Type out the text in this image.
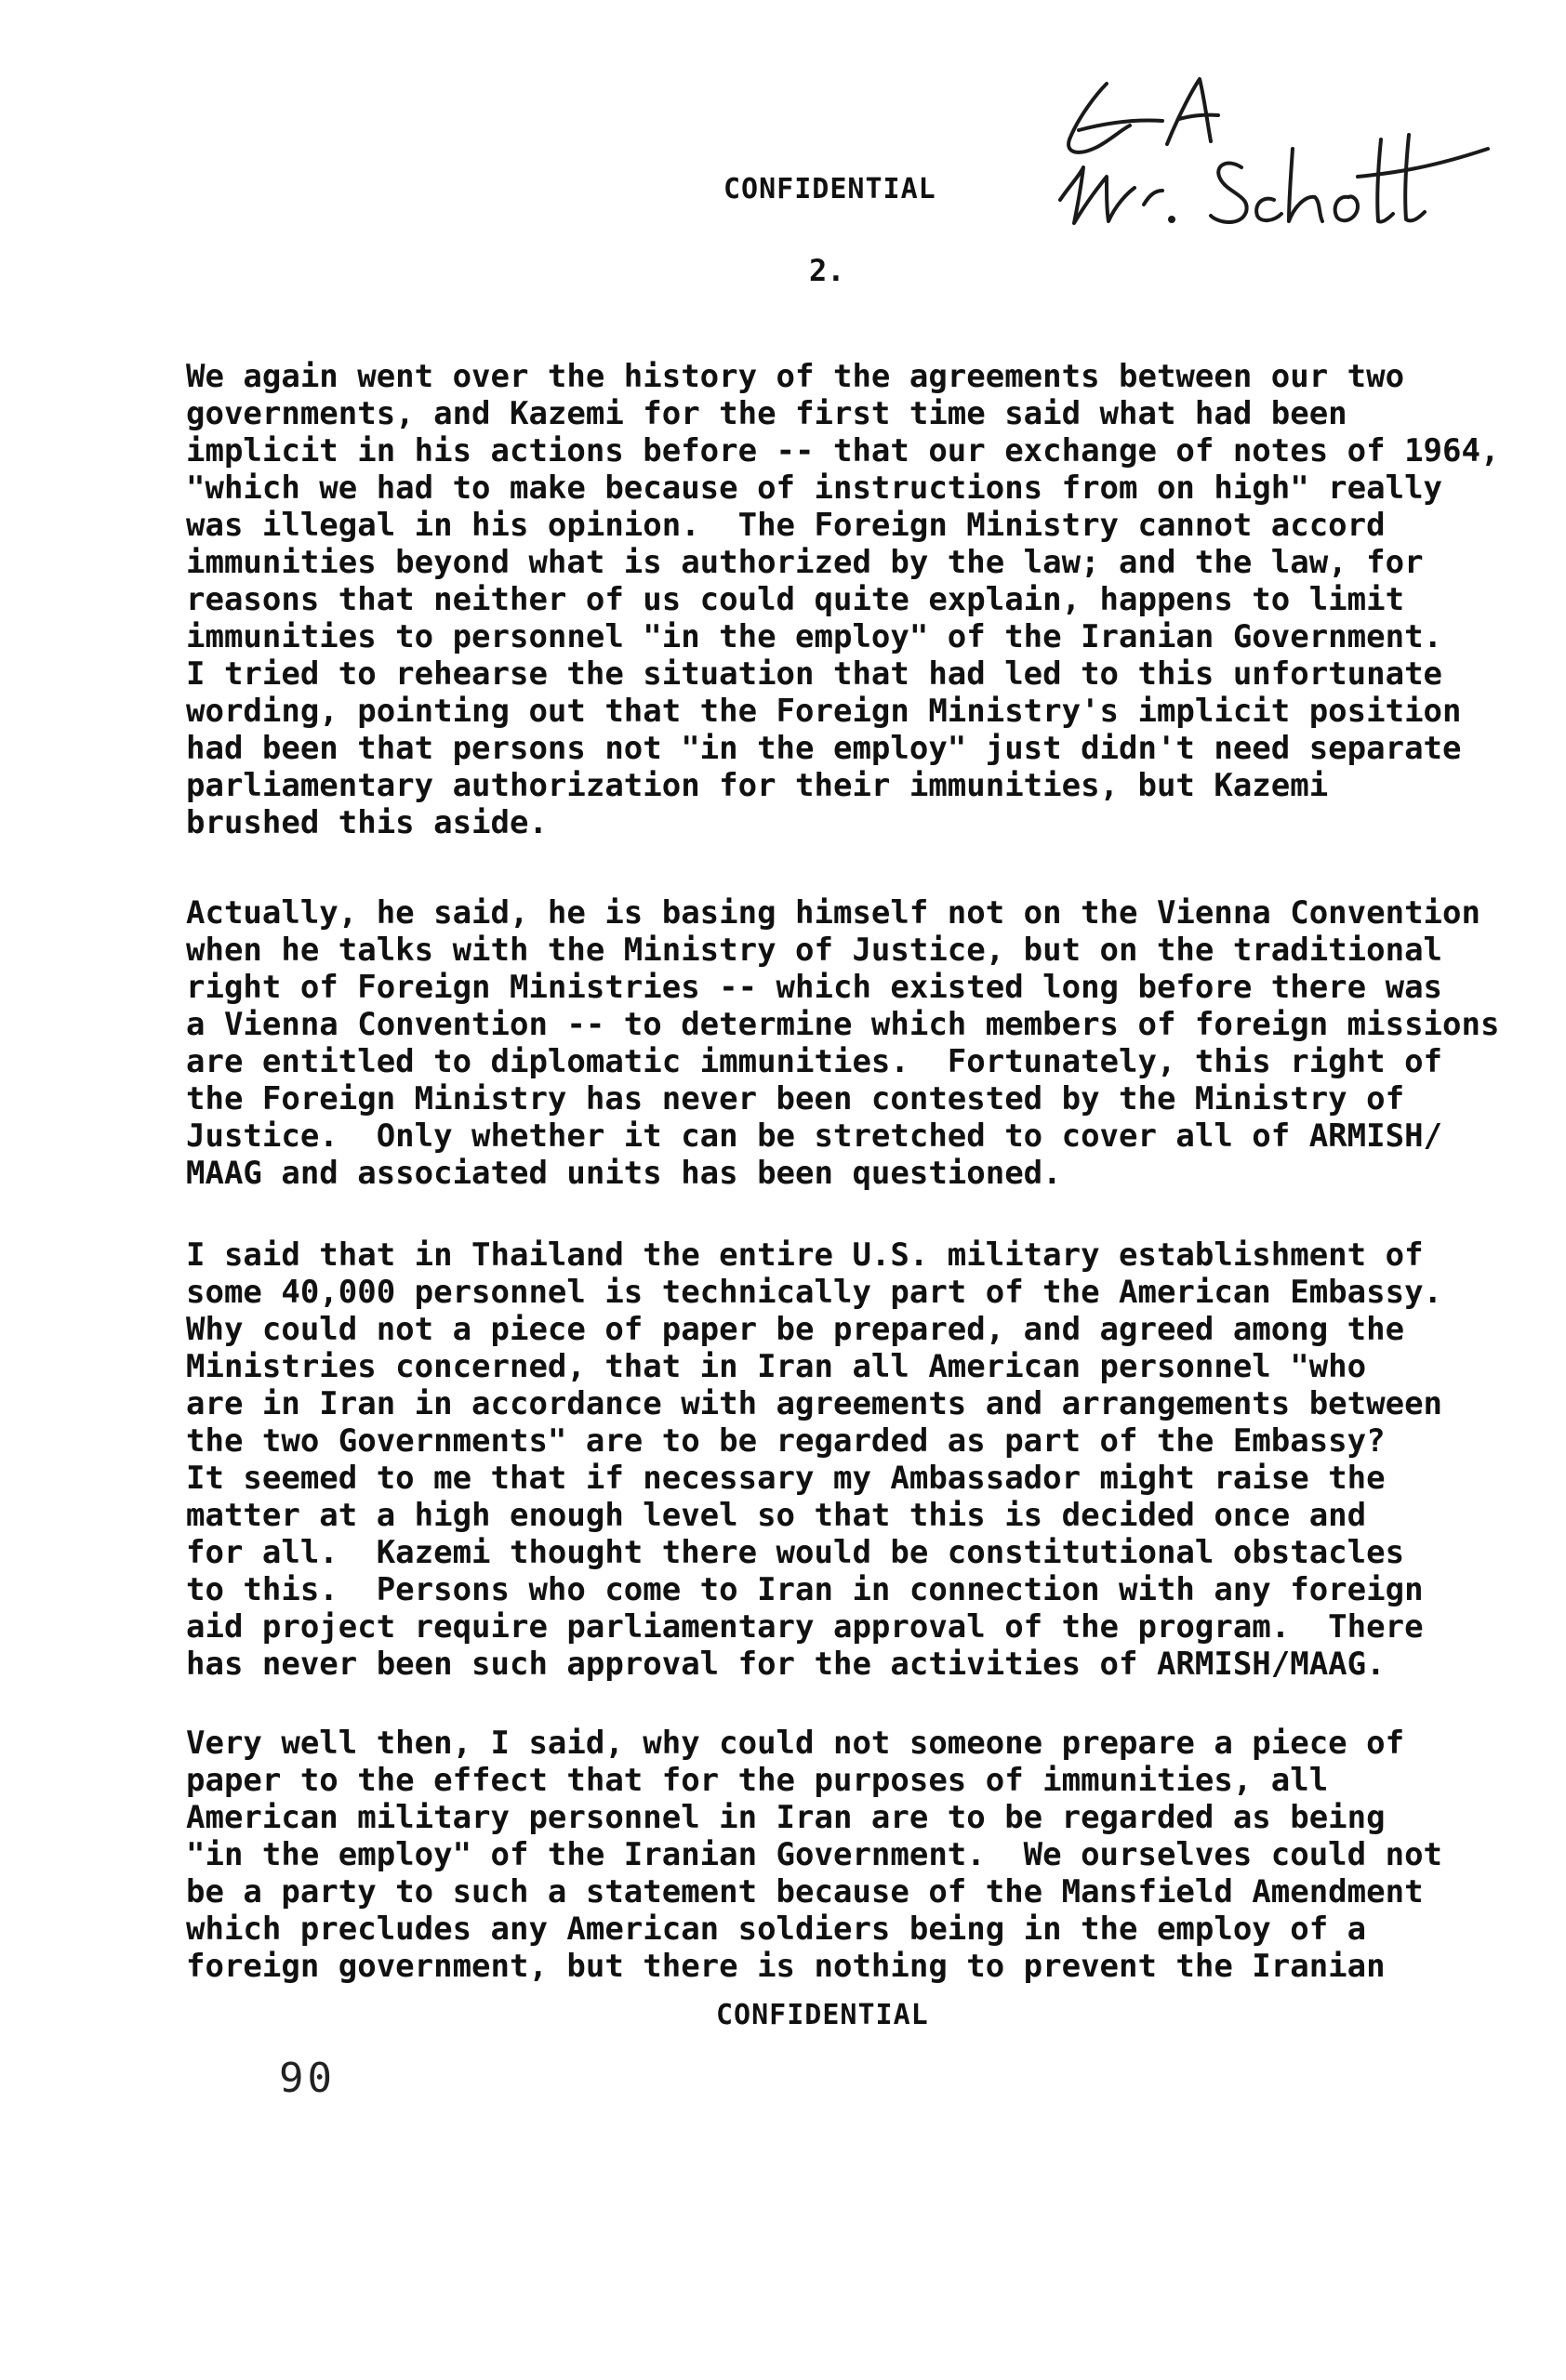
CONFIDENTIAL
2.
We again went over the history of the agreements between our two
governments, and Kazemi for the first time said what had been
implicit in his actions before -- that our exchange of notes of 1964,
"which we had to make because of instructions from on high" really
was illegal in his opinion.  The Foreign Ministry cannot accord
immunities beyond what is authorized by the law; and the law, for
reasons that neither of us could quite explain, happens to limit
immunities to personnel "in the employ" of the Iranian Government.
I tried to rehearse the situation that had led to this unfortunate
wording, pointing out that the Foreign Ministry's implicit position
had been that persons not "in the employ" just didn't need separate
parliamentary authorization for their immunities, but Kazemi
brushed this aside.
Actually, he said, he is basing himself not on the Vienna Convention
when he talks with the Ministry of Justice, but on the traditional
right of Foreign Ministries -- which existed long before there was
a Vienna Convention -- to determine which members of foreign missions
are entitled to diplomatic immunities.  Fortunately, this right of
the Foreign Ministry has never been contested by the Ministry of
Justice.  Only whether it can be stretched to cover all of ARMISH/
MAAG and associated units has been questioned.
I said that in Thailand the entire U.S. military establishment of
some 40,000 personnel is technically part of the American Embassy.
Why could not a piece of paper be prepared, and agreed among the
Ministries concerned, that in Iran all American personnel "who
are in Iran in accordance with agreements and arrangements between
the two Governments" are to be regarded as part of the Embassy?
It seemed to me that if necessary my Ambassador might raise the
matter at a high enough level so that this is decided once and
for all.  Kazemi thought there would be constitutional obstacles
to this.  Persons who come to Iran in connection with any foreign
aid project require parliamentary approval of the program.  There
has never been such approval for the activities of ARMISH/MAAG.
Very well then, I said, why could not someone prepare a piece of
paper to the effect that for the purposes of immunities, all
American military personnel in Iran are to be regarded as being
"in the employ" of the Iranian Government.  We ourselves could not
be a party to such a statement because of the Mansfield Amendment
which precludes any American soldiers being in the employ of a
foreign government, but there is nothing to prevent the Iranian
CONFIDENTIAL
90
